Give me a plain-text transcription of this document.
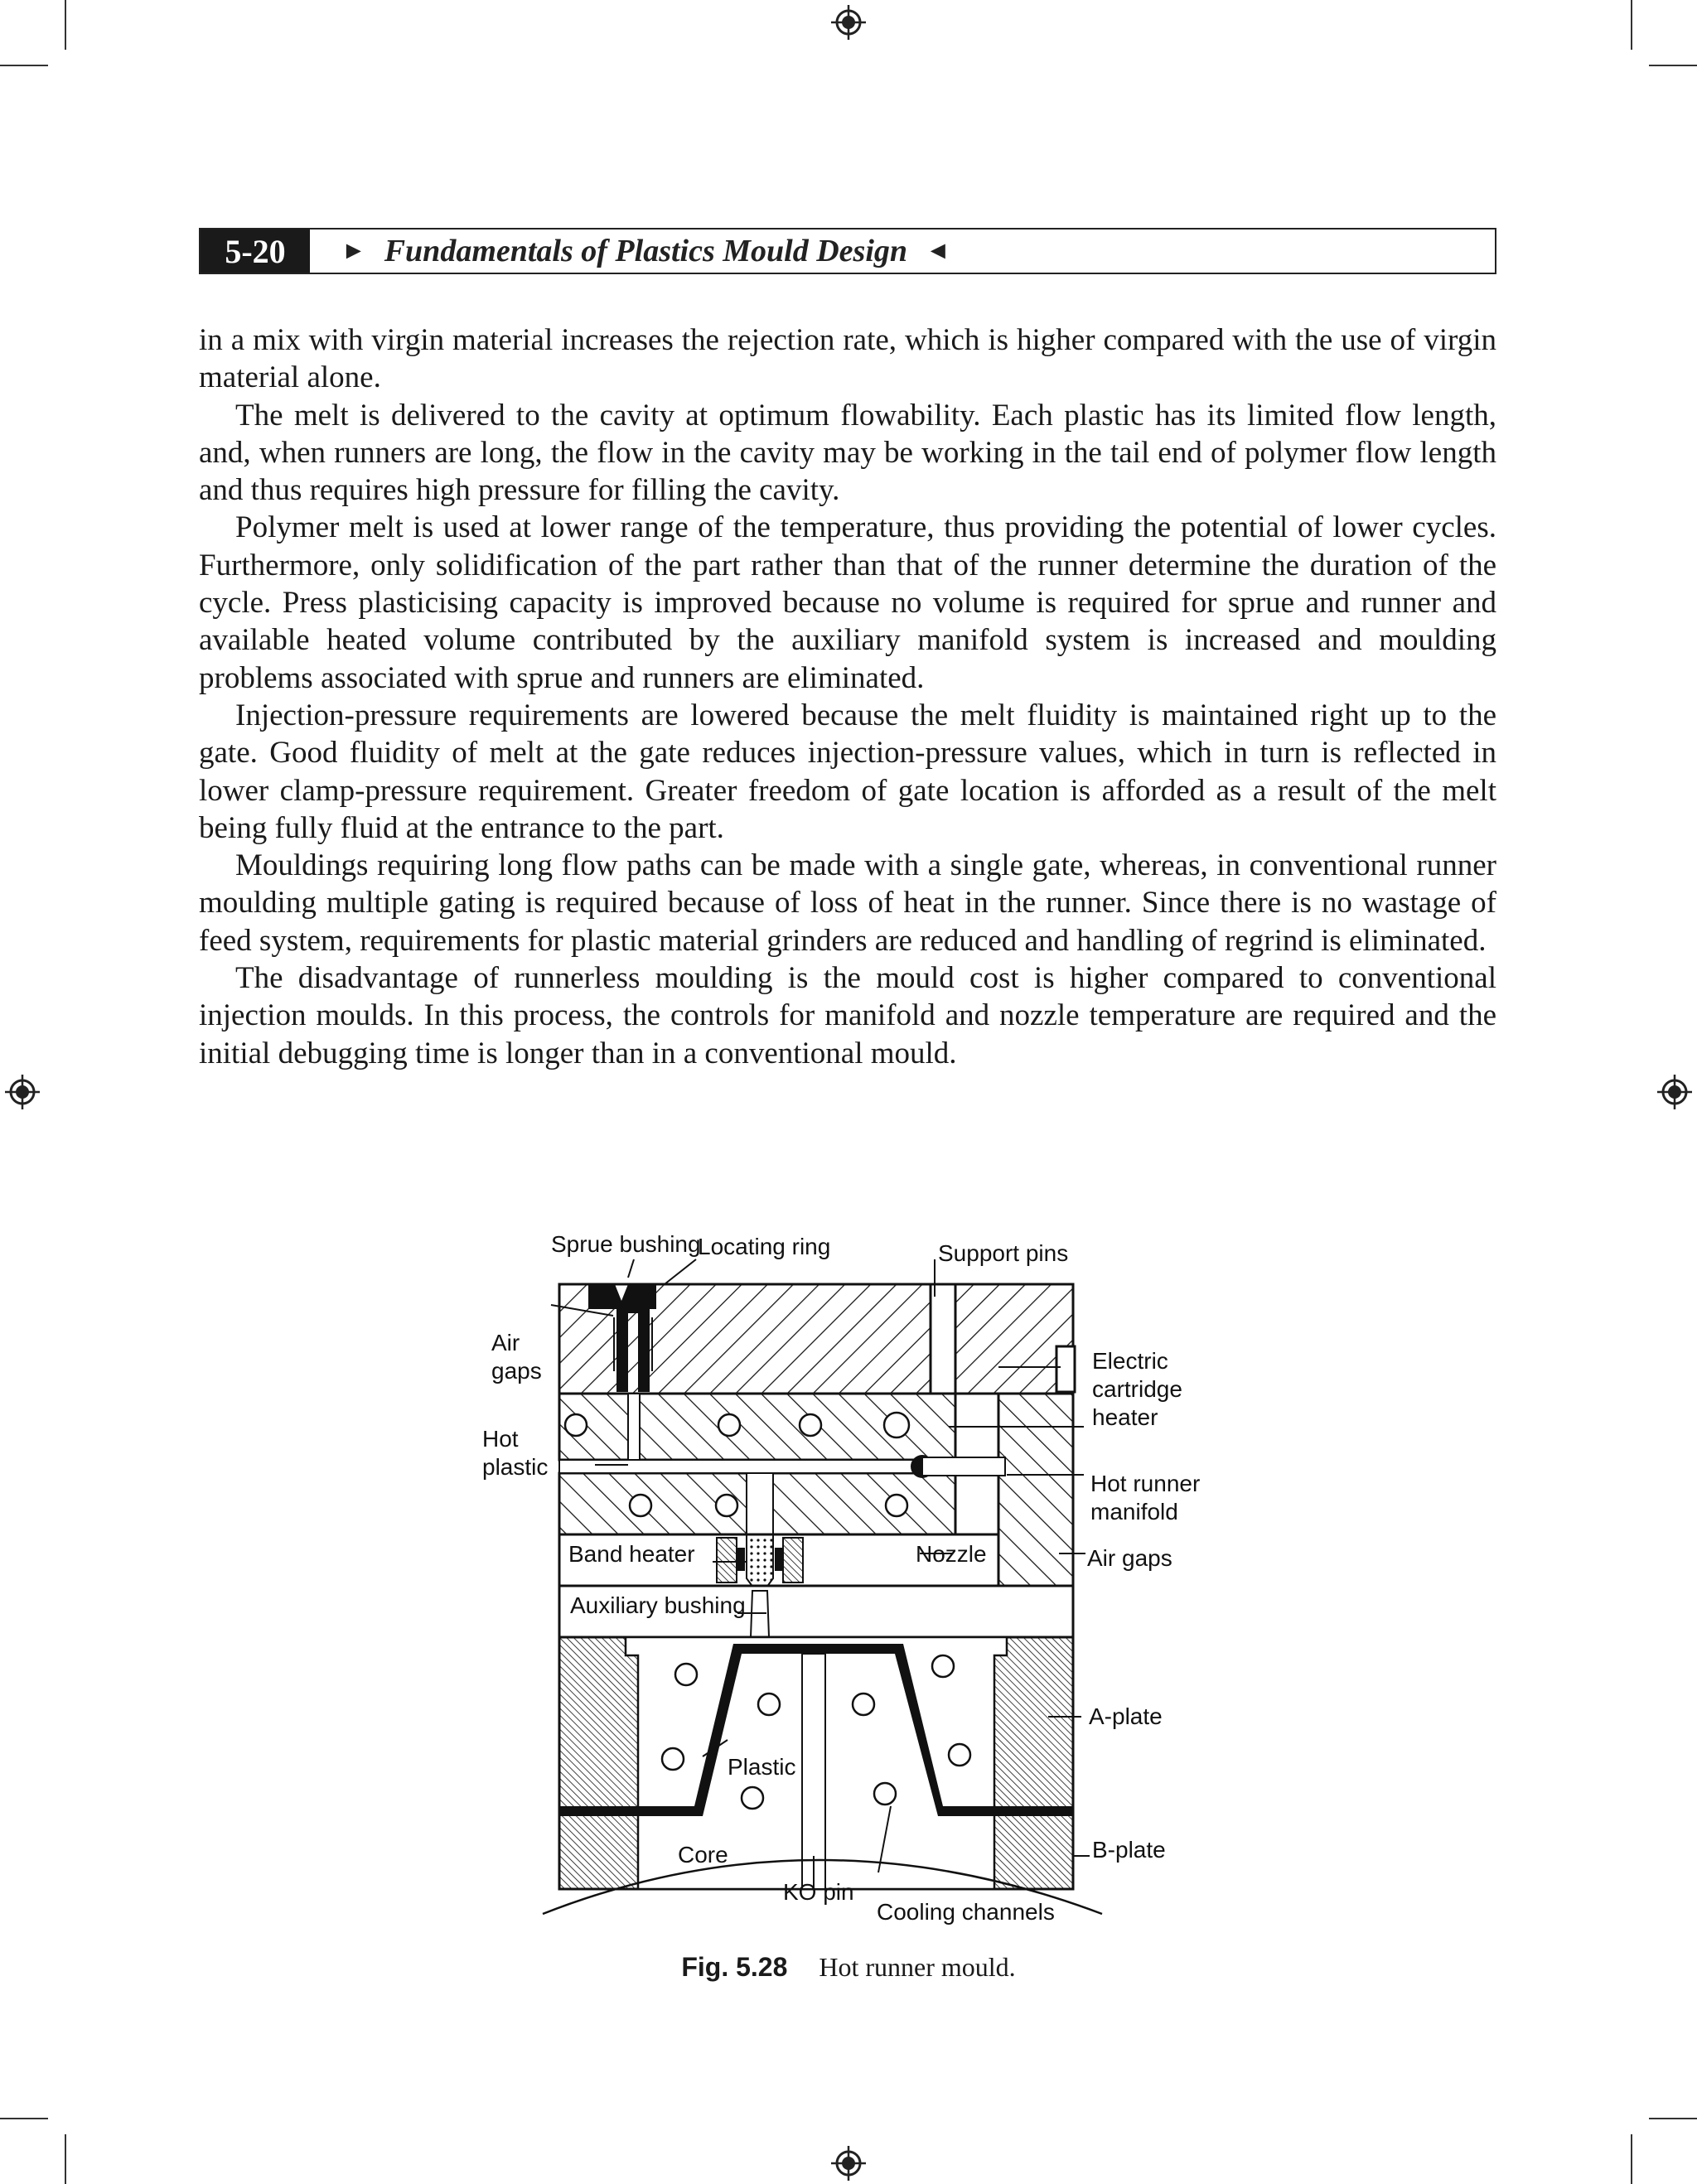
5-20	► Fundamentals of Plastics Mould Design ◄

in a mix with virgin material increases the rejection rate, which is higher compared with the use of virgin material alone.

The melt is delivered to the cavity at optimum flowability. Each plastic has its limited flow length, and, when runners are long, the flow in the cavity may be working in the tail end of polymer flow length and thus requires high pressure for filling the cavity.

Polymer melt is used at lower range of the temperature, thus providing the potential of lower cycles. Furthermore, only solidification of the part rather than that of the runner determine the duration of the cycle. Press plasticising capacity is improved because no volume is required for sprue and runner and available heated volume contributed by the auxiliary manifold system is increased and moulding problems associated with sprue and runners are eliminated.

Injection-pressure requirements are lowered because the melt fluidity is maintained right up to the gate. Good fluidity of melt at the gate reduces injection-pressure values, which in turn is reflected in lower clamp-pressure requirement. Greater freedom of gate location is afforded as a result of the melt being fully fluid at the entrance to the part.

Mouldings requiring long flow paths can be made with a single gate, whereas, in conventional runner moulding multiple gating is required because of loss of heat in the runner. Since there is no wastage of feed system, requirements for plastic material grinders are reduced and handling of regrind is eliminated.

The disadvantage of runnerless moulding is the mould cost is higher compared to conventional injection moulds. In this process, the controls for manifold and nozzle temperature are required and the initial debugging time is longer than in a conventional mould.

Sprue bushing
Locating ring	Support pins
Air
gaps	Electric
cartridge
heater
Hot
plastic
Hot runner
manifold
Band heater	Nozzle	Air gaps
Auxiliary bushing
A-plate
Plastic
B-plate
Core
KO pin
Cooling channels
Fig. 5.28 Hot runner mould.
